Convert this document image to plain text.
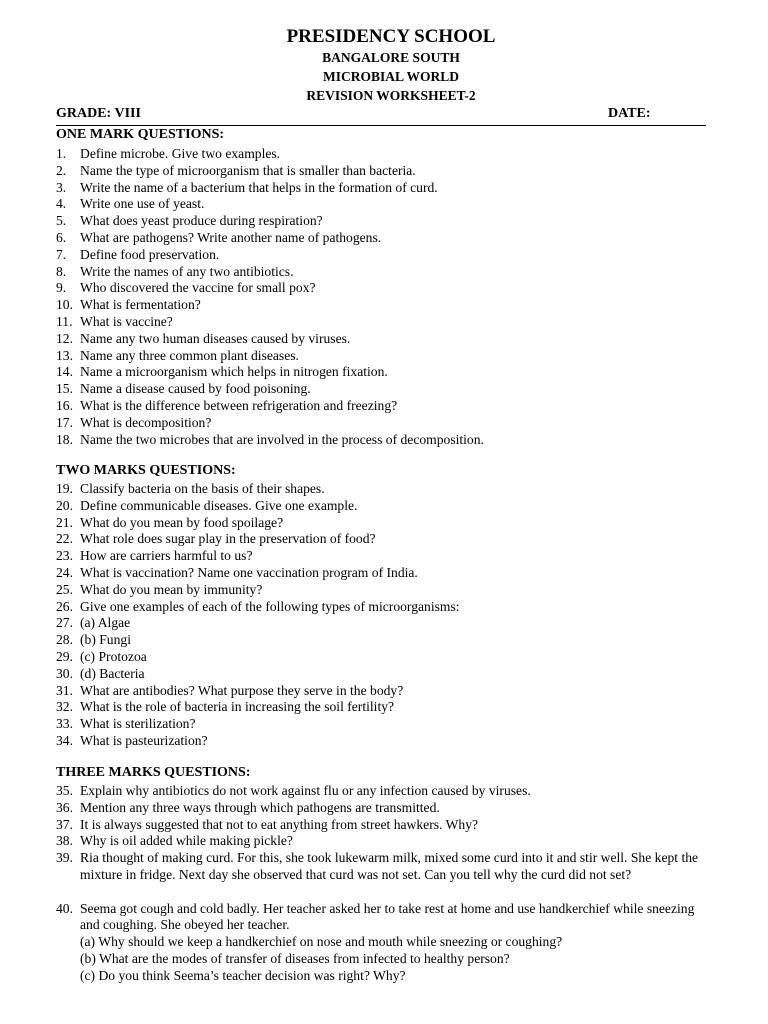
PRESIDENCY SCHOOL
BANGALORE SOUTH
MICROBIAL WORLD
REVISION WORKSHEET-2
GRADE: VIII	DATE:
ONE MARK QUESTIONS:
TWO MARKS QUESTIONS:
THREE MARKS QUESTIONS:
1. Define microbe. Give two examples.
2. Name the type of microorganism that is smaller than bacteria.
3. Write the name of a bacterium that helps in the formation of curd.
4. Write one use of yeast.
5. What does yeast produce during respiration?
6. What are pathogens? Write another name of pathogens.
7. Define food preservation.
8. Write the names of any two antibiotics.
9. Who discovered the vaccine for small pox?
10. What is fermentation?
11. What is vaccine?
12. Name any two human diseases caused by viruses.
13. Name any three common plant diseases.
14. Name a microorganism which helps in nitrogen fixation.
15. Name a disease caused by food poisoning.
16. What is the difference between refrigeration and freezing?
17. What is decomposition?
18. Name the two microbes that are involved in the process of decomposition.
19. Classify bacteria on the basis of their shapes.
20. Define communicable diseases. Give one example.
21. What do you mean by food spoilage?
22. What role does sugar play in the preservation of food?
23. How are carriers harmful to us?
24. What is vaccination? Name one vaccination program of India.
25. What do you mean by immunity?
26. Give one examples of each of the following types of microorganisms:
27. (a) Algae
28. (b) Fungi
29. (c) Protozoa
30. (d) Bacteria
31. What are antibodies? What purpose they serve in the body?
32. What is the role of bacteria in increasing the soil fertility?
33. What is sterilization?
34. What is pasteurization?
35. Explain why antibiotics do not work against flu or any infection caused by viruses.
36. Mention any three ways through which pathogens are transmitted.
37. It is always suggested that not to eat anything from street hawkers. Why?
38. Why is oil added while making pickle?
39. Ria thought of making curd. For this, she took lukewarm milk, mixed some curd into it and stir well. She kept the mixture in fridge. Next day she observed that curd was not set. Can you tell why the curd did not set?
40. Seema got cough and cold badly. Her teacher asked her to take rest at home and use handkerchief while sneezing and coughing. She obeyed her teacher.
(a) Why should we keep a handkerchief on nose and mouth while sneezing or coughing?
(b) What are the modes of transfer of diseases from infected to healthy person?
(c) Do you think Seema’s teacher decision was right? Why?
